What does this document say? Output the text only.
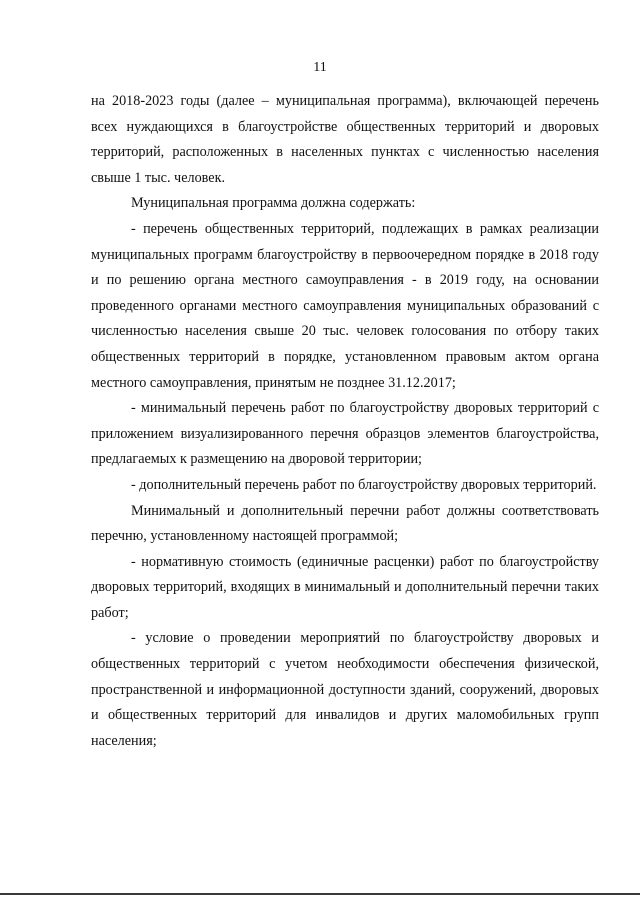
11

на 2018-2023 годы (далее – муниципальная программа), включающей перечень всех нуждающихся в благоустройстве общественных территорий и дворовых территорий, расположенных в населенных пунктах с численностью населения свыше 1 тыс. человек.

Муниципальная программа должна содержать:

- перечень общественных территорий, подлежащих в рамках реализации муниципальных программ благоустройству в первоочередном порядке в 2018 году и по решению органа местного самоуправления - в 2019 году, на основании проведенного органами местного самоуправления муниципальных образований с численностью населения свыше 20 тыс. человек голосования по отбору таких общественных территорий в порядке, установленном правовым актом органа местного самоуправления, принятым не позднее 31.12.2017;

- минимальный перечень работ по благоустройству дворовых территорий с приложением визуализированного перечня образцов элементов благоустройства, предлагаемых к размещению на дворовой территории;

- дополнительный перечень работ по благоустройству дворовых территорий.

Минимальный и дополнительный перечни работ должны соответствовать перечню, установленному настоящей программой;

- нормативную стоимость (единичные расценки) работ по благоустройству дворовых территорий, входящих в минимальный и дополнительный перечни таких работ;

- условие о проведении мероприятий по благоустройству дворовых и общественных территорий с учетом необходимости обеспечения физической, пространственной и информационной доступности зданий, сооружений, дворовых и общественных территорий для инвалидов и других маломобильных групп населения;
